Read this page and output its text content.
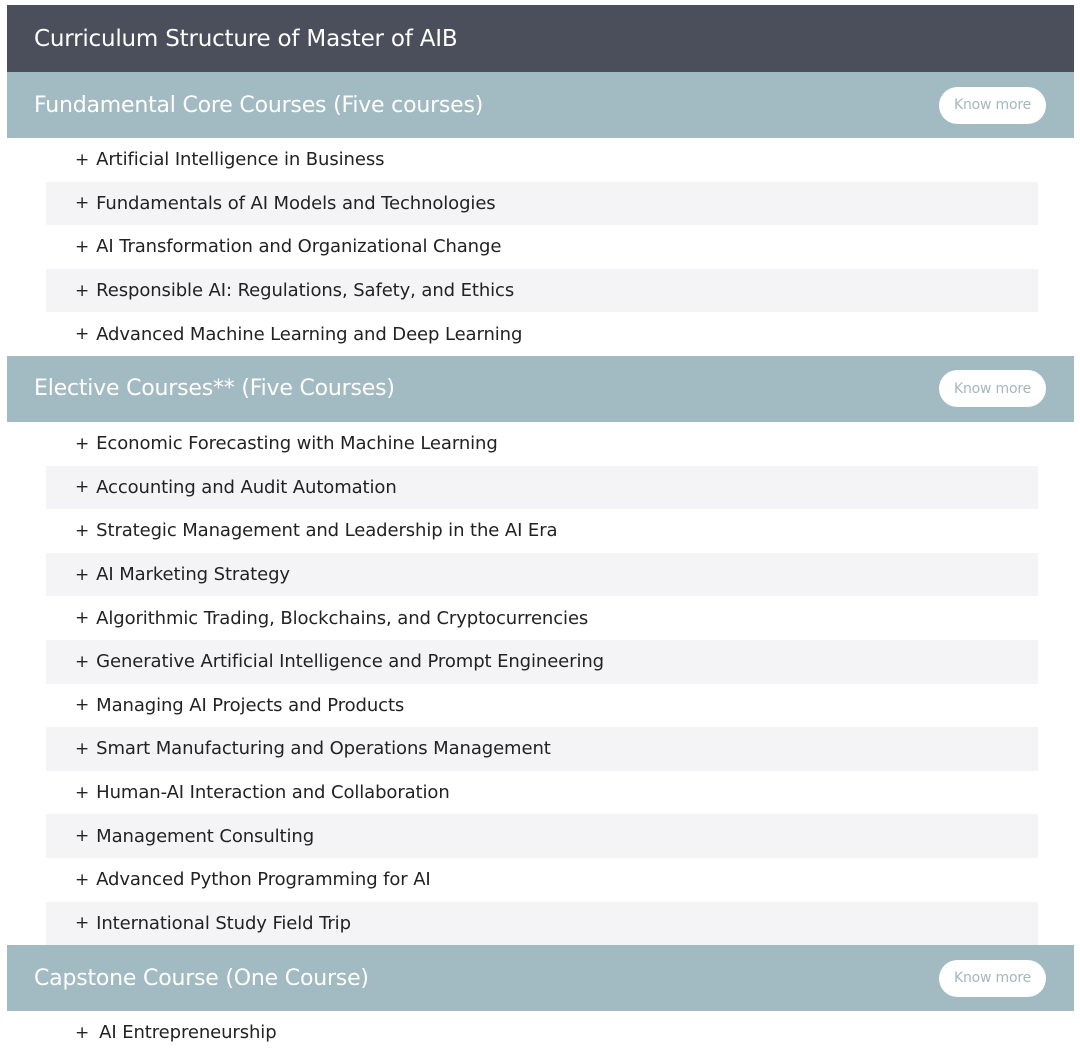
Curriculum Structure of Master of AIB
Fundamental Core Courses (Five courses)	Know more
+ Artificial Intelligence in Business
+ Fundamentals of AI Models and Technologies
+ AI Transformation and Organizational Change
+ Responsible AI: Regulations, Safety, and Ethics
+ Advanced Machine Learning and Deep Learning
Elective Courses** (Five Courses)	Know more
+ Economic Forecasting with Machine Learning
+ Accounting and Audit Automation
+ Strategic Management and Leadership in the AI Era
+ AI Marketing Strategy
+ Algorithmic Trading, Blockchains, and Cryptocurrencies
+ Generative Artificial Intelligence and Prompt Engineering
+ Managing AI Projects and Products
+ Smart Manufacturing and Operations Management
+ Human-AI Interaction and Collaboration
+ Management Consulting
+ Advanced Python Programming for AI
+ International Study Field Trip
Capstone Course (One Course)	Know more
+ AI Entrepreneurship
